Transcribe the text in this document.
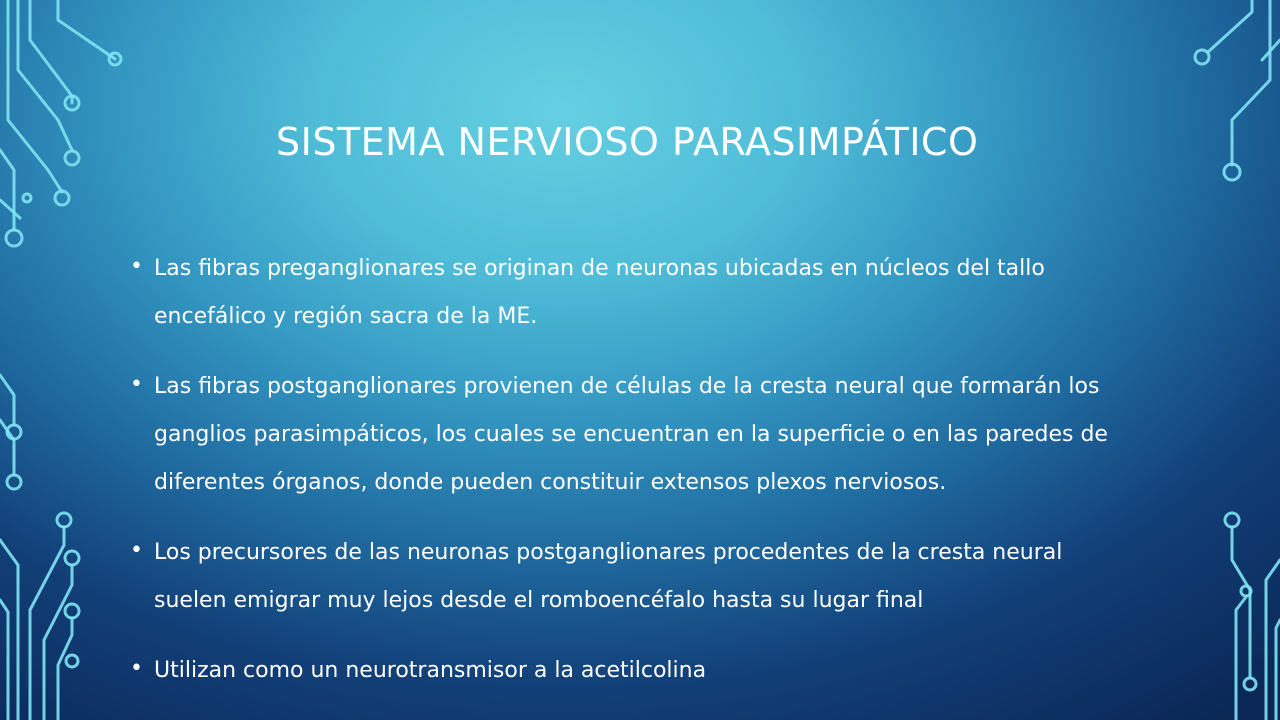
SISTEMA NERVIOSO PARASIMPÁTICO
• Las fibras preganglionares se originan de neuronas ubicadas en núcleos del tallo encefálico y región sacra de la ME.
• Las fibras postganglionares provienen de células de la cresta neural que formarán los ganglios parasimpáticos, los cuales se encuentran en la superficie o en las paredes de diferentes órganos, donde pueden constituir extensos plexos nerviosos.
• Los precursores de las neuronas postganglionares procedentes de la cresta neural suelen emigrar muy lejos desde el romboencéfalo hasta su lugar final
• Utilizan como un neurotransmisor a la acetilcolina
